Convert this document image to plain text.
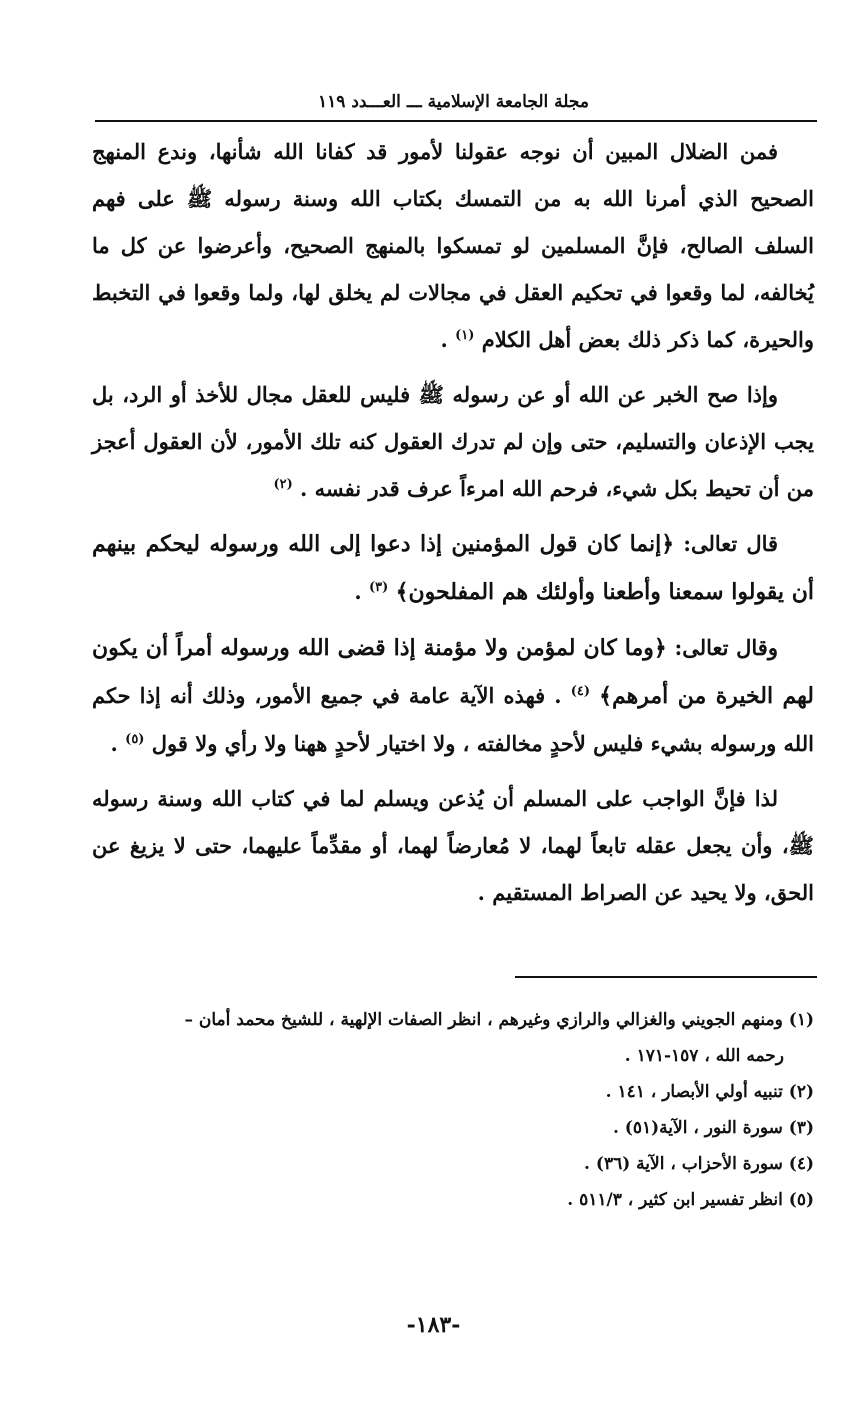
مجلة الجامعة الإسلامية ـــ العـــدد ١١٩

فمن الضلال المبين أن نوجه عقولنا لأمور قد كفانا الله شأنها، وندع المنهج الصحيح الذي أمرنا الله به من التمسك بكتاب الله وسنة رسوله ﷺ على فهم السلف الصالح، فإنَّ المسلمين لو تمسكوا بالمنهج الصحيح، وأعرضوا عن كل ما يُخالفه، لما وقعوا في تحكيم العقل في مجالات لم يخلق لها، ولما وقعوا في التخبط والحيرة، كما ذكر ذلك بعض أهل الكلام $^{(١)}$ .

وإذا صح الخبر عن الله أو عن رسوله ﷺ فليس للعقل مجال للأخذ أو الرد، بل يجب الإذعان والتسليم، حتى وإن لم تدرك العقول كنه تلك الأمور، لأن العقول أعجز من أن تحيط بكل شيء، فرحم الله امرءاً عرف قدر نفسه . $^{(٢)}$

قال تعالى: ﴿إنما كان قول المؤمنين إذا دعوا إلى الله ورسوله ليحكم بينهم أن يقولوا سمعنا وأطعنا وأولئك هم المفلحون﴾ $^{(٣)}$ .

وقال تعالى: ﴿وما كان لمؤمن ولا مؤمنة إذا قضى الله ورسوله أمراً أن يكون لهم الخيرة من أمرهم﴾ $^{(٤)}$ . فهذه الآية عامة في جميع الأمور، وذلك أنه إذا حكم الله ورسوله بشيء فليس لأحدٍ مخالفته ، ولا اختيار لأحدٍ ههنا ولا رأي ولا قول $^{(٥)}$ .

لذا فإنَّ الواجب على المسلم أن يُذعن ويسلم لما في كتاب الله وسنة رسوله ﷺ، وأن يجعل عقله تابعاً لهما، لا مُعارضاً لهما، أو مقدِّماً عليهما، حتى لا يزيغ عن الحق، ولا يحيد عن الصراط المستقيم .

(١) ومنهم الجويني والغزالي والرازي وغيرهم ، انظر الصفات الإلهية ، للشيخ محمد أمان –

رحمه الله ، ١٥٧-١٧١ .

(٢) تنبيه أولي الأبصار ، ١٤١ .

(٣) سورة النور ، الآية(٥١) .

(٤) سورة الأحزاب ، الآية (٣٦) .

(٥) انظر تفسير ابن كثير ، ٥١١/٣ .

-١٨٣-
